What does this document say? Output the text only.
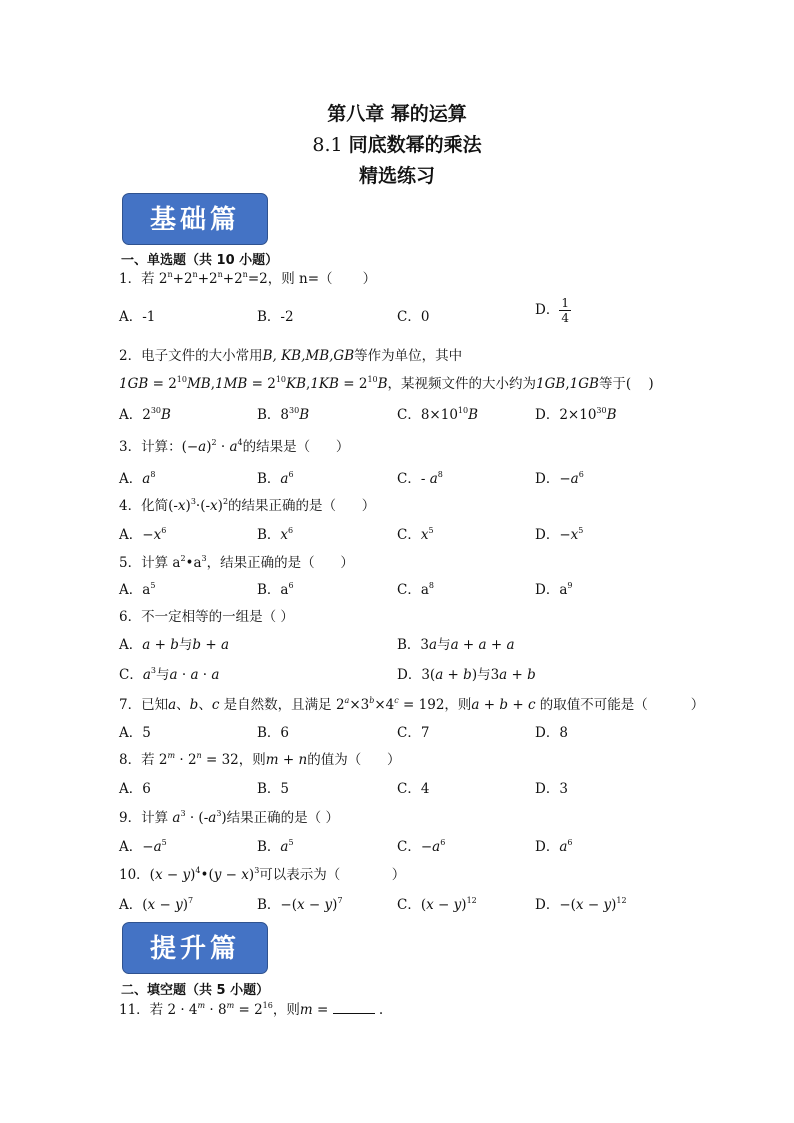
第八章 幂的运算
8.1 同底数幂的乘法
精选练习
基础篇
一、单选题（共 10 小题）
1．若 $2^n+2^n+2^n+2^n=2$，则 n=（       ）
A．-1	B．-2	C．0	D． $\frac{1}{4}$
2．电子文件的大小常用B, KB,MB,GB等作为单位，其中
$1GB = 2^{10}MB,1MB = 2^{10}KB,1KB = 2^{10}B$，某视频文件的大小约为1GB,1GB等于(    )
A．$2^{30}B$	B．$8^{30}B$	C．$8\times 10^{10}B$	D．$2\times 10^{30}B$
3．计算：$(-a)^2 \cdot a^4$的结果是（      ）
A．$a^8$	B．$a^6$	C．- $a^8$	D．$-a^6$
4．化简$(-x)^3\cdot(-x)^2$的结果正确的是（      ）
A．$-x^6$	B．$x^6$	C．$x^5$	D．$-x^5$
5．计算 $a^2•a^3$，结果正确的是（      ）
A．$a^5$	B．$a^6$	C．$a^8$	D．$a^9$
6．不一定相等的一组是（ ）
A．a + b与b + a	B．3a与a + a + a
C．$a^3$与a · a · a	D．3(a + b)与3a + b
7．已知a、b、c 是自然数，且满足 $2^a\times 3^b\times 4^c = 192$，则a + b + c 的取值不可能是（          ）
A．5	B．6	C．7	D．8
8．若 $2^m \cdot 2^n = 32$，则m + n的值为（      ）
A．6	B．5	C．4	D．3
9．计算 $a^3 \cdot (-a^3)$结果正确的是（ ）
A．$-a^5$	B．$a^5$	C．$-a^6$	D．$a^6$
10．$(x - y)^4•(y - x)^3$可以表示为（            ）
A．$(x - y)^7$	B．$-(x - y)^7$	C．$(x - y)^{12}$	D．$-(x - y)^{12}$
提升篇
二、填空题（共 5 小题）
11．若 $2 \cdot 4^m \cdot 8^m = 2^{16}$，则m =	.
